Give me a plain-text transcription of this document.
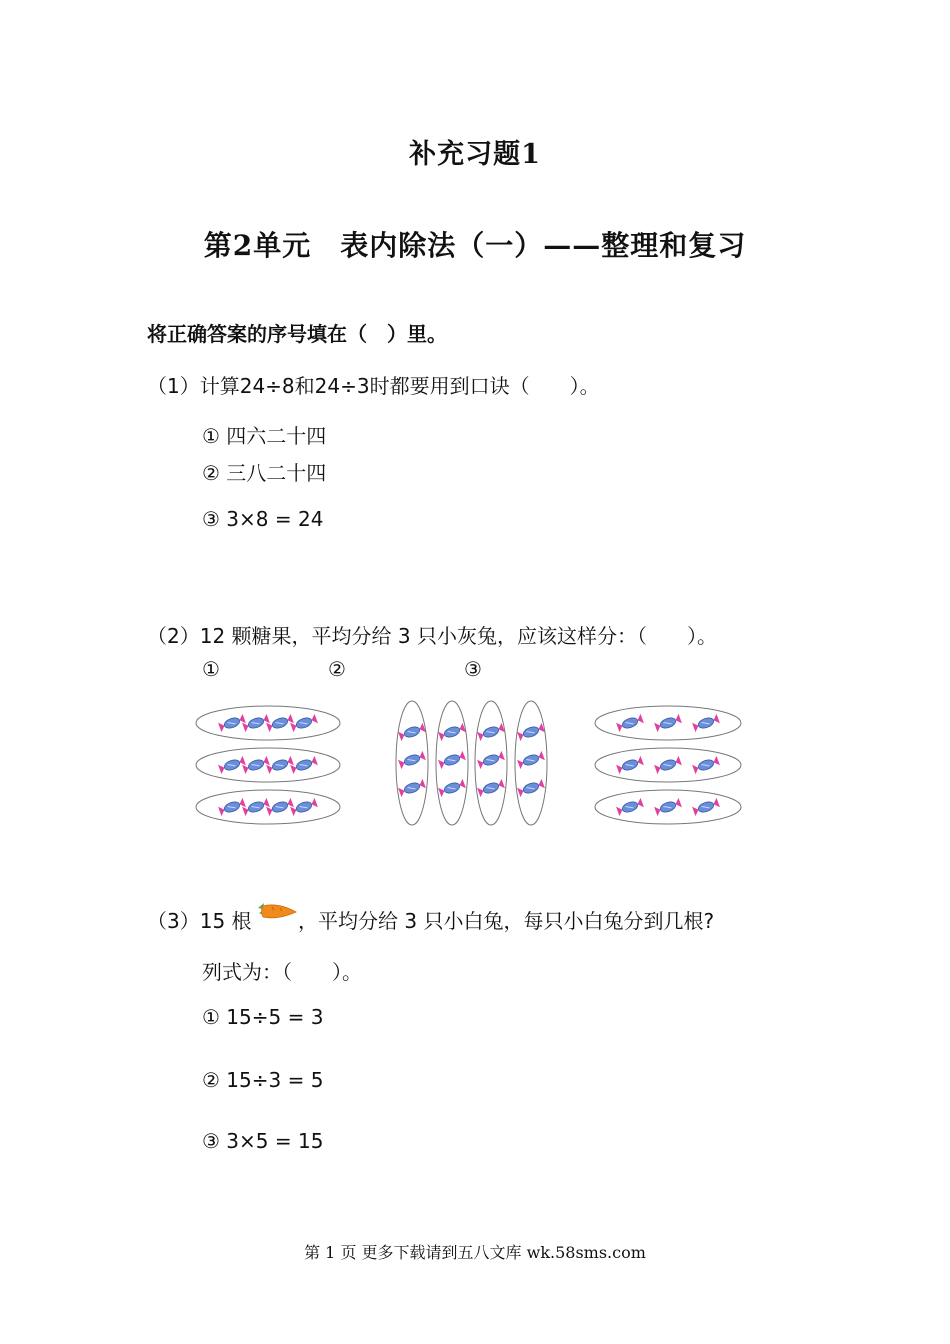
补充习题1
第2单元　表内除法（一）——整理和复习
将正确答案的序号填在（　）里。
（1）计算24÷8和24÷3时都要用到口诀（　　）。
① 四六二十四
② 三八二十四
③ 3×8 = 24
（2）12 颗糖果，平均分给 3 只小灰兔，应该这样分：（　　）。
①	②	③
（3）15 根 ，平均分给 3 只小白兔，每只小白兔分到几根?
列式为：（　　）。
① 15÷5 = 3
② 15÷3 = 5
③ 3×5 = 15
第 1 页 更多下载请到五八文库 wk.58sms.com
